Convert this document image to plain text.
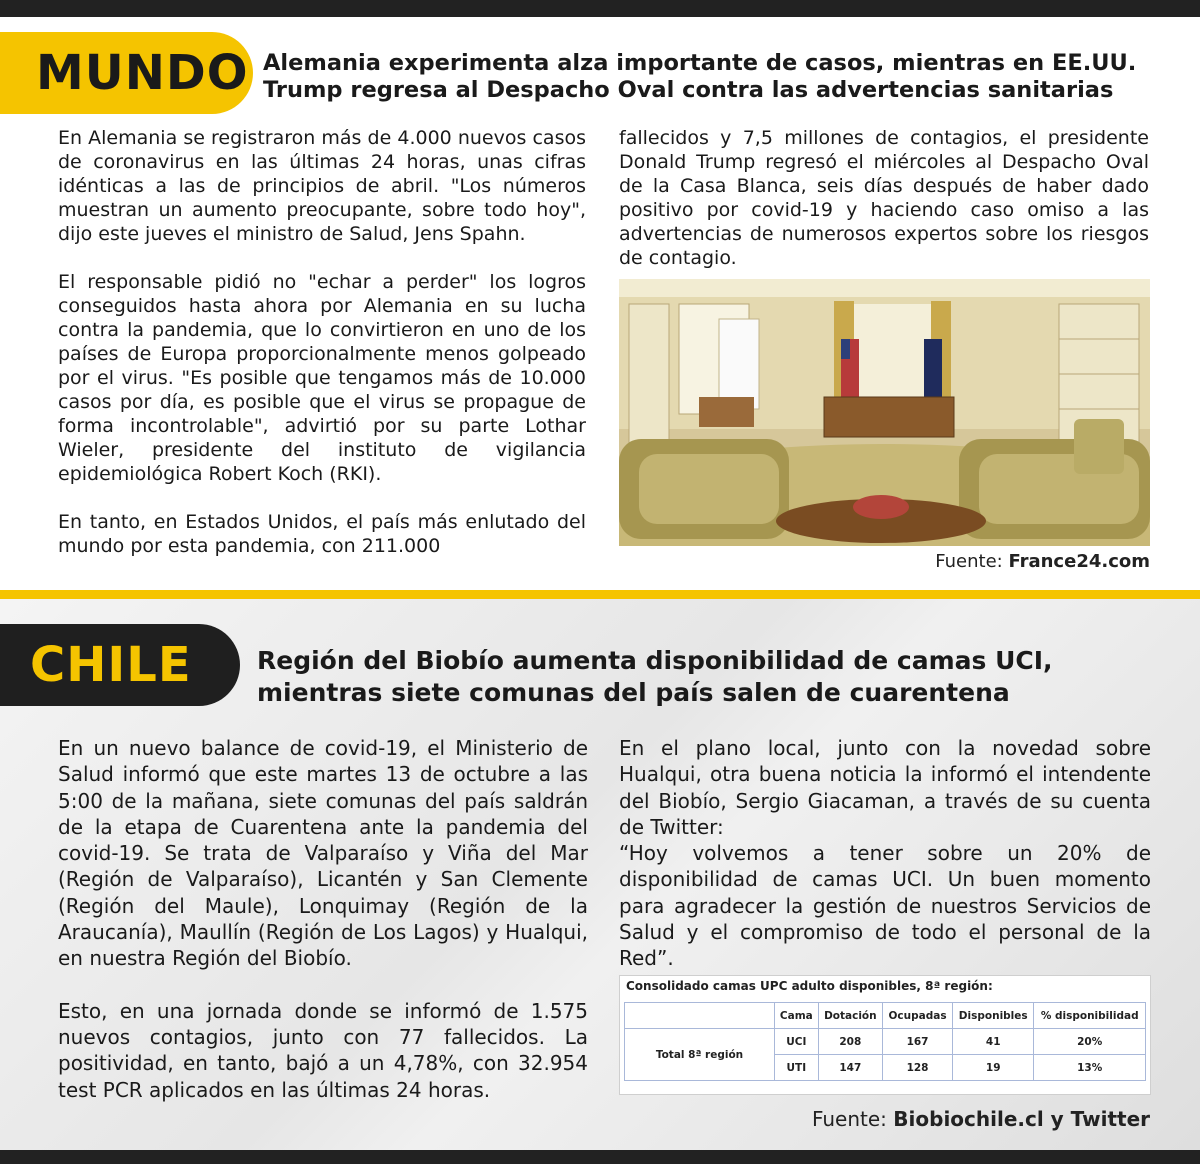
MUNDO Alemania experimenta alza importante de casos, mientras en EE.UU.
Trump regresa al Despacho Oval contra las advertencias sanitarias

En Alemania se registraron más de 4.000 nuevos casos de coronavirus en las últimas 24 horas, unas cifras idénticas a las de principios de abril. "Los números muestran un aumento preocupante, sobre todo hoy", dijo este jueves el ministro de Salud, Jens Spahn.

El responsable pidió no "echar a perder" los logros conseguidos hasta ahora por Alemania en su lucha contra la pandemia, que lo convirtieron en uno de los países de Europa proporcionalmente menos golpeado por el virus. "Es posible que tengamos más de 10.000 casos por día, es posible que el virus se propague de forma incontrolable", advirtió por su parte Lothar Wieler, presidente del instituto de vigilancia epidemiológica Robert Koch (RKI).

En tanto, en Estados Unidos, el país más enlutado del mundo por esta pandemia, con 211.000

fallecidos y 7,5 millones de contagios, el presidente Donald Trump regresó el miércoles al Despacho Oval de la Casa Blanca, seis días después de haber dado positivo por covid-19 y haciendo caso omiso a las advertencias de numerosos expertos sobre los riesgos de contagio.

Fuente: France24.com
CHILE	Región del Biobío aumenta disponibilidad de camas UCI,
mientras siete comunas del país salen de cuarentena

En un nuevo balance de covid-19, el Ministerio de Salud informó que este martes 13 de octubre a las 5:00 de la mañana, siete comunas del país saldrán de la etapa de Cuarentena ante la pandemia del covid-19. Se trata de Valparaíso y Viña del Mar (Región de Valparaíso), Licantén y San Clemente (Región del Maule), Lonquimay (Región de la Araucanía), Maullín (Región de Los Lagos) y Hualqui, en nuestra Región del Biobío.

Esto, en una jornada donde se informó de 1.575 nuevos contagios, junto con 77 fallecidos. La positividad, en tanto, bajó a un 4,78%, con 32.954 test PCR aplicados en las últimas 24 horas.

En el plano local, junto con la novedad sobre Hualqui, otra buena noticia la informó el intendente del Biobío, Sergio Giacaman, a través de su cuenta de Twitter:
“Hoy volvemos a tener sobre un 20% de disponibilidad de camas UCI. Un buen momento para agradecer la gestión de nuestros Servicios de Salud y el compromiso de todo el personal de la Red”.
Consolidado camas UPC adulto disponibles, 8ª región:
	Cama	Dotación	Ocupadas	Disponibles	% disponibilidad
Total 8ª región	UCI	208	167	41	20%
	UTI	147	128	19	13%
Fuente: Biobiochile.cl y Twitter
